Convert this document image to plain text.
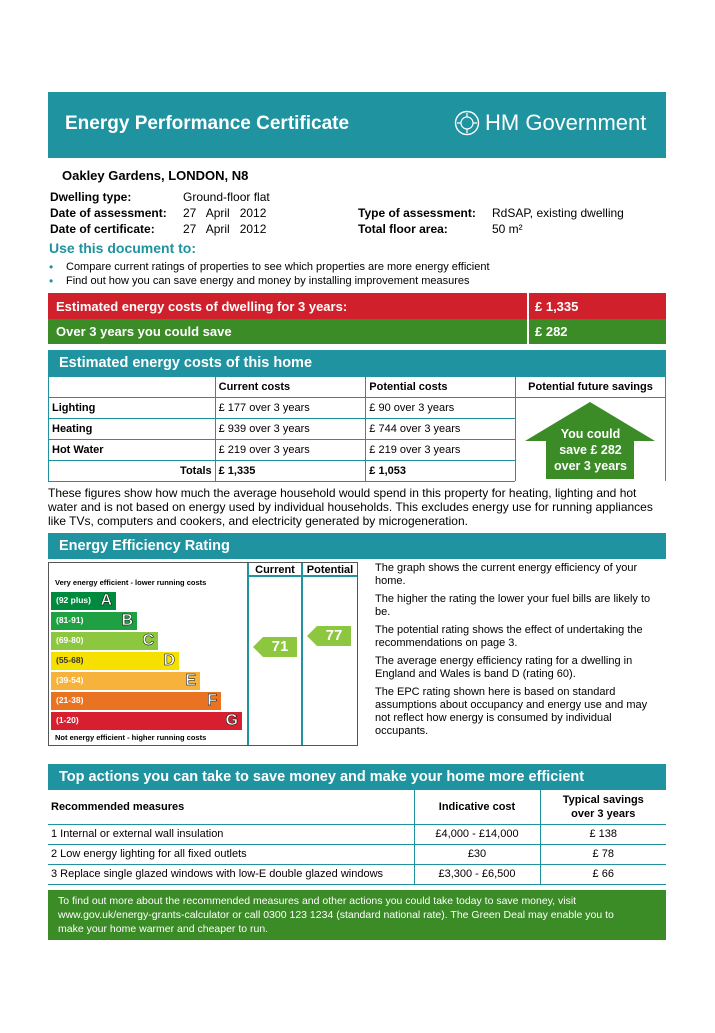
Energy Performance Certificate	HM Government
Oakley Gardens, LONDON, N8
Dwelling type:	Ground-floor flat
Date of assessment: 27   April   2012
Date of certificate: 27   April   2012
Type of assessment: RdSAP, existing dwelling
Total floor area:	50 m²
Use this document to:
• Compare current ratings of properties to see which properties are more energy efficient
• Find out how you can save energy and money by installing improvement measures
Estimated energy costs of dwelling for 3 years:	£ 1,335
Over 3 years you could save	£ 282
Estimated energy costs of this home
	Current costs	Potential costs	Potential future savings
Lighting	£ 177 over 3 years	£ 90 over 3 years	You could
save £ 282
over 3 years

Heating	£ 939 over 3 years	£ 744 over 3 years	
Hot Water	£ 219 over 3 years	£ 219 over 3 years	
Totals	£ 1,335	£ 1,053	
These figures show how much the average household would spend in this property for heating, lighting and hot water and is not based on energy used by individual households. This excludes energy use for running appliances like TVs, computers and cookers, and electricity generated by microgeneration.
Energy Efficiency Rating
Current	Potential
Very energy efficient - lower running costs
(92 plus) A
(81-91) B
(69-80)	C
(55-68)	D
(39-54)	E
(21-38)	F
(1-20)	G
Not energy efficient - higher running costs
71
77

The graph shows the current energy efficiency of your home.

The higher the rating the lower your fuel bills are likely to be.

The potential rating shows the effect of undertaking the recommendations on page 3.

The average energy efficiency rating for a dwelling in England and Wales is band D (rating 60).

The EPC rating shown here is based on standard assumptions about occupancy and energy use and may not reflect how energy is consumed by individual occupants.

Top actions you can take to save money and make your home more efficient
Recommended measures	Indicative cost	Typical savings
over 3 years
1 Internal or external wall insulation	£4,000 - £14,000	£ 138
2 Low energy lighting for all fixed outlets	£30	£ 78
3 Replace single glazed windows with low-E double glazed windows	£3,300 - £6,500	£ 66
To find out more about the recommended measures and other actions you could take today to save money, visit
www.gov.uk/energy-grants-calculator or call 0300 123 1234 (standard national rate). The Green Deal may enable you to
make your home warmer and cheaper to run.
